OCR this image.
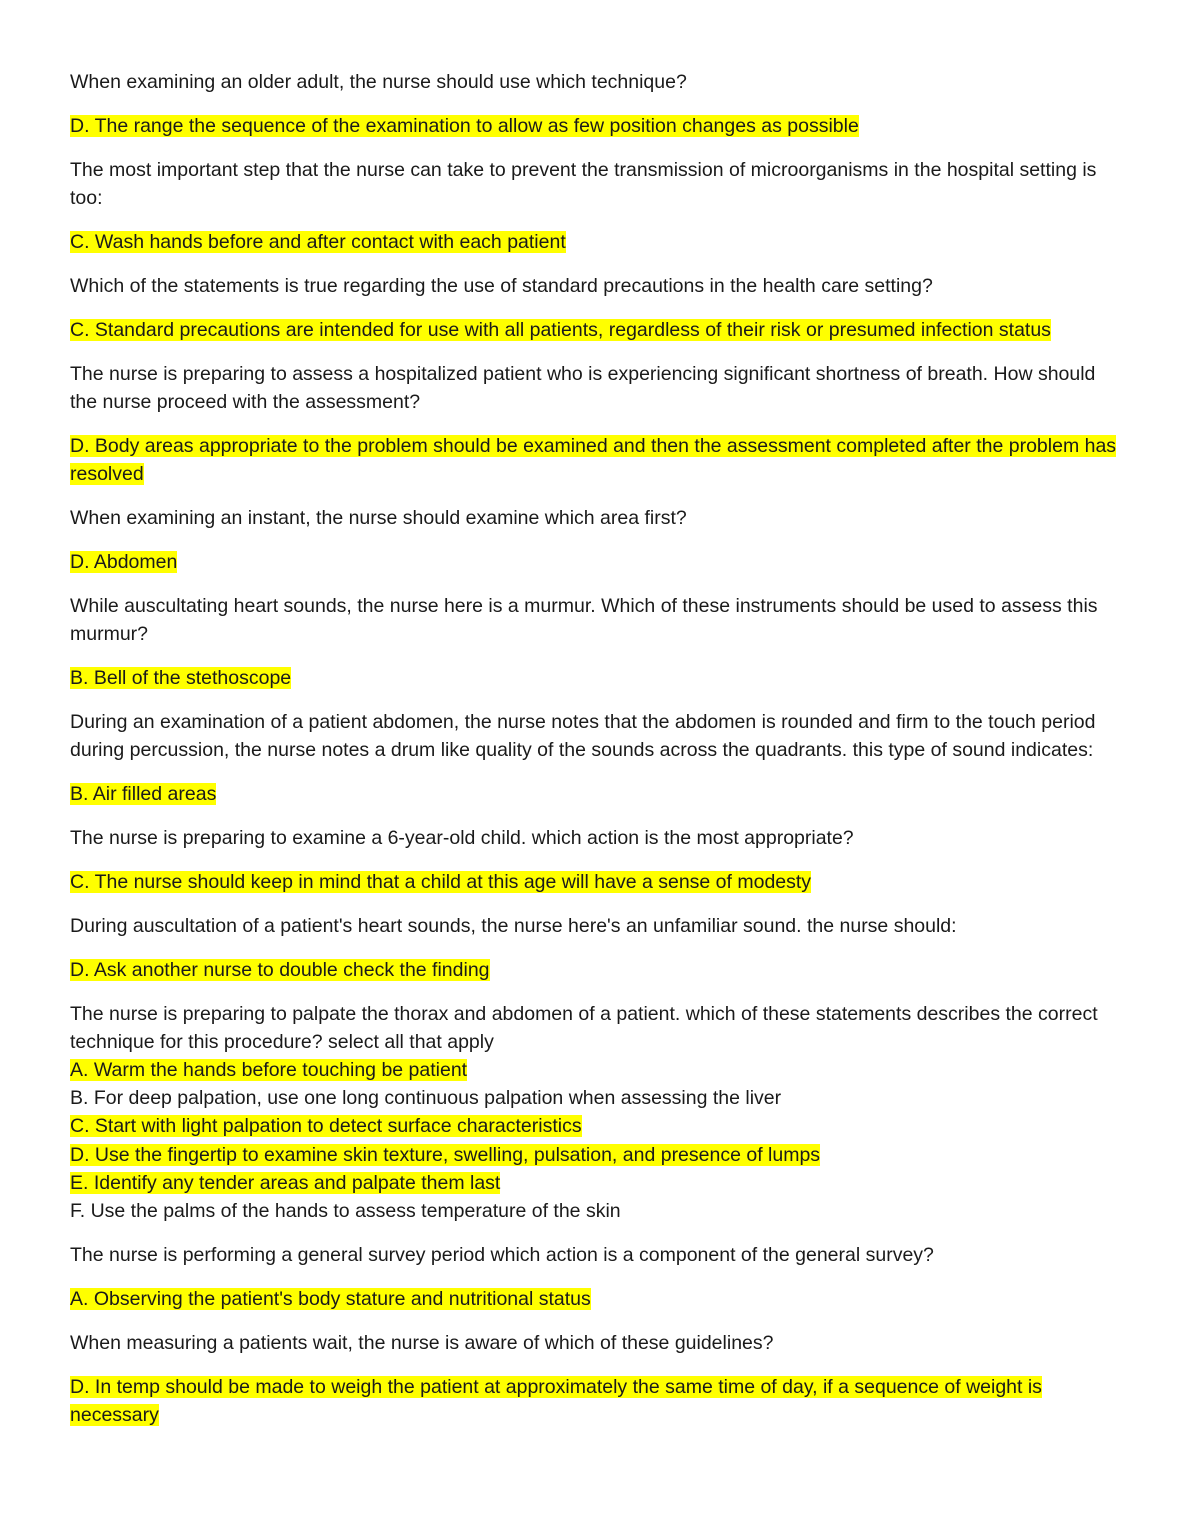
When examining an older adult, the nurse should use which technique?

D. The range the sequence of the examination to allow as few position changes as possible

The most important step that the nurse can take to prevent the transmission of microorganisms in the hospital setting is too:

C. Wash hands before and after contact with each patient

Which of the statements is true regarding the use of standard precautions in the health care setting?

C. Standard precautions are intended for use with all patients, regardless of their risk or presumed infection status

The nurse is preparing to assess a hospitalized patient who is experiencing significant shortness of breath. How should the nurse proceed with the assessment?

D. Body areas appropriate to the problem should be examined and then the assessment completed after the problem has resolved

When examining an instant, the nurse should examine which area first?

D. Abdomen

While auscultating heart sounds, the nurse here is a murmur. Which of these instruments should be used to assess this murmur?

B. Bell of the stethoscope

During an examination of a patient abdomen, the nurse notes that the abdomen is rounded and firm to the touch period during percussion, the nurse notes a drum like quality of the sounds across the quadrants. this type of sound indicates:

B. Air filled areas

The nurse is preparing to examine a 6-year-old child. which action is the most appropriate?

C. The nurse should keep in mind that a child at this age will have a sense of modesty

During auscultation of a patient's heart sounds, the nurse here's an unfamiliar sound. the nurse should:

D. Ask another nurse to double check the finding

The nurse is preparing to palpate the thorax and abdomen of a patient. which of these statements describes the correct technique for this procedure? select all that apply

A. Warm the hands before touching be patient
B. For deep palpation, use one long continuous palpation when assessing the liver
C. Start with light palpation to detect surface characteristics
D. Use the fingertip to examine skin texture, swelling, pulsation, and presence of lumps
E. Identify any tender areas and palpate them last
F. Use the palms of the hands to assess temperature of the skin

The nurse is performing a general survey period which action is a component of the general survey?

A. Observing the patient's body stature and nutritional status

When measuring a patients wait, the nurse is aware of which of these guidelines?

D. In temp should be made to weigh the patient at approximately the same time of day, if a sequence of weight is necessary
